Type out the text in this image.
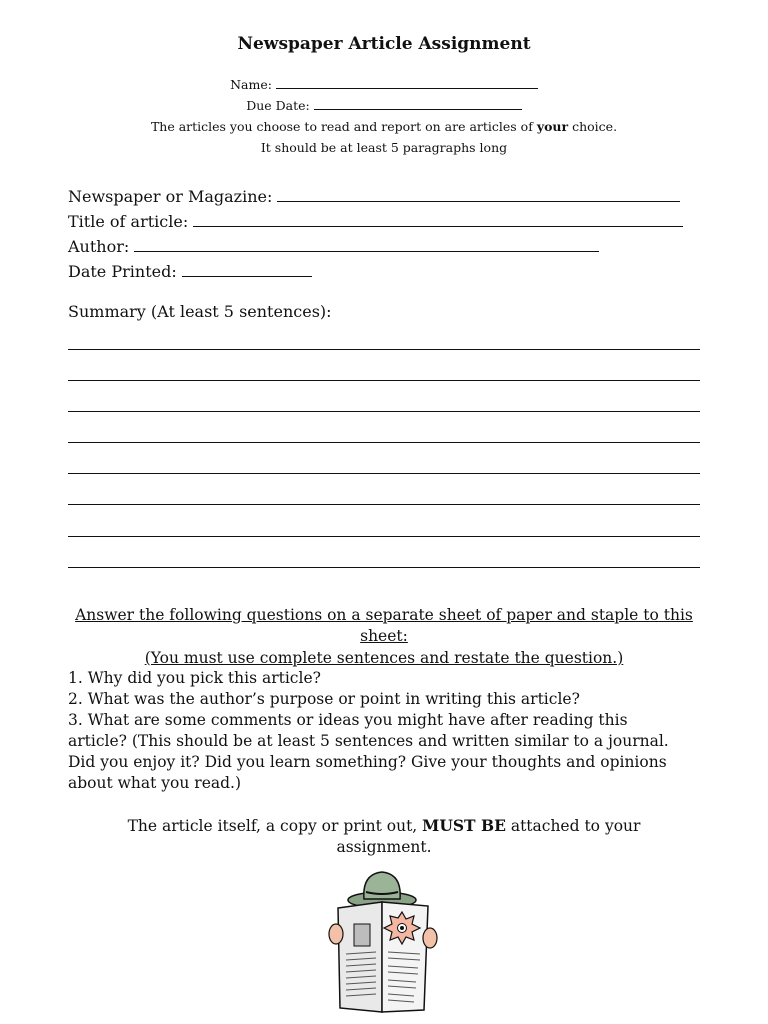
Newspaper Article Assignment
Name:
Due Date:
The articles you choose to read and report on are articles of your choice.
It should be at least 5 paragraphs long
Newspaper or Magazine:
Title of article:
Author:
Date Printed:
Summary (At least 5 sentences):
Answer the following questions on a separate sheet of paper and staple to this sheet:
(You must use complete sentences and restate the question.)
1. Why did you pick this article?
2. What was the author’s purpose or point in writing this article?
3. What are some comments or ideas you might have after reading this article? (This should be at least 5 sentences and written similar to a journal. Did you enjoy it? Did you learn something? Give your thoughts and opinions about what you read.)
The article itself, a copy or print out, MUST BE attached to your assignment.
